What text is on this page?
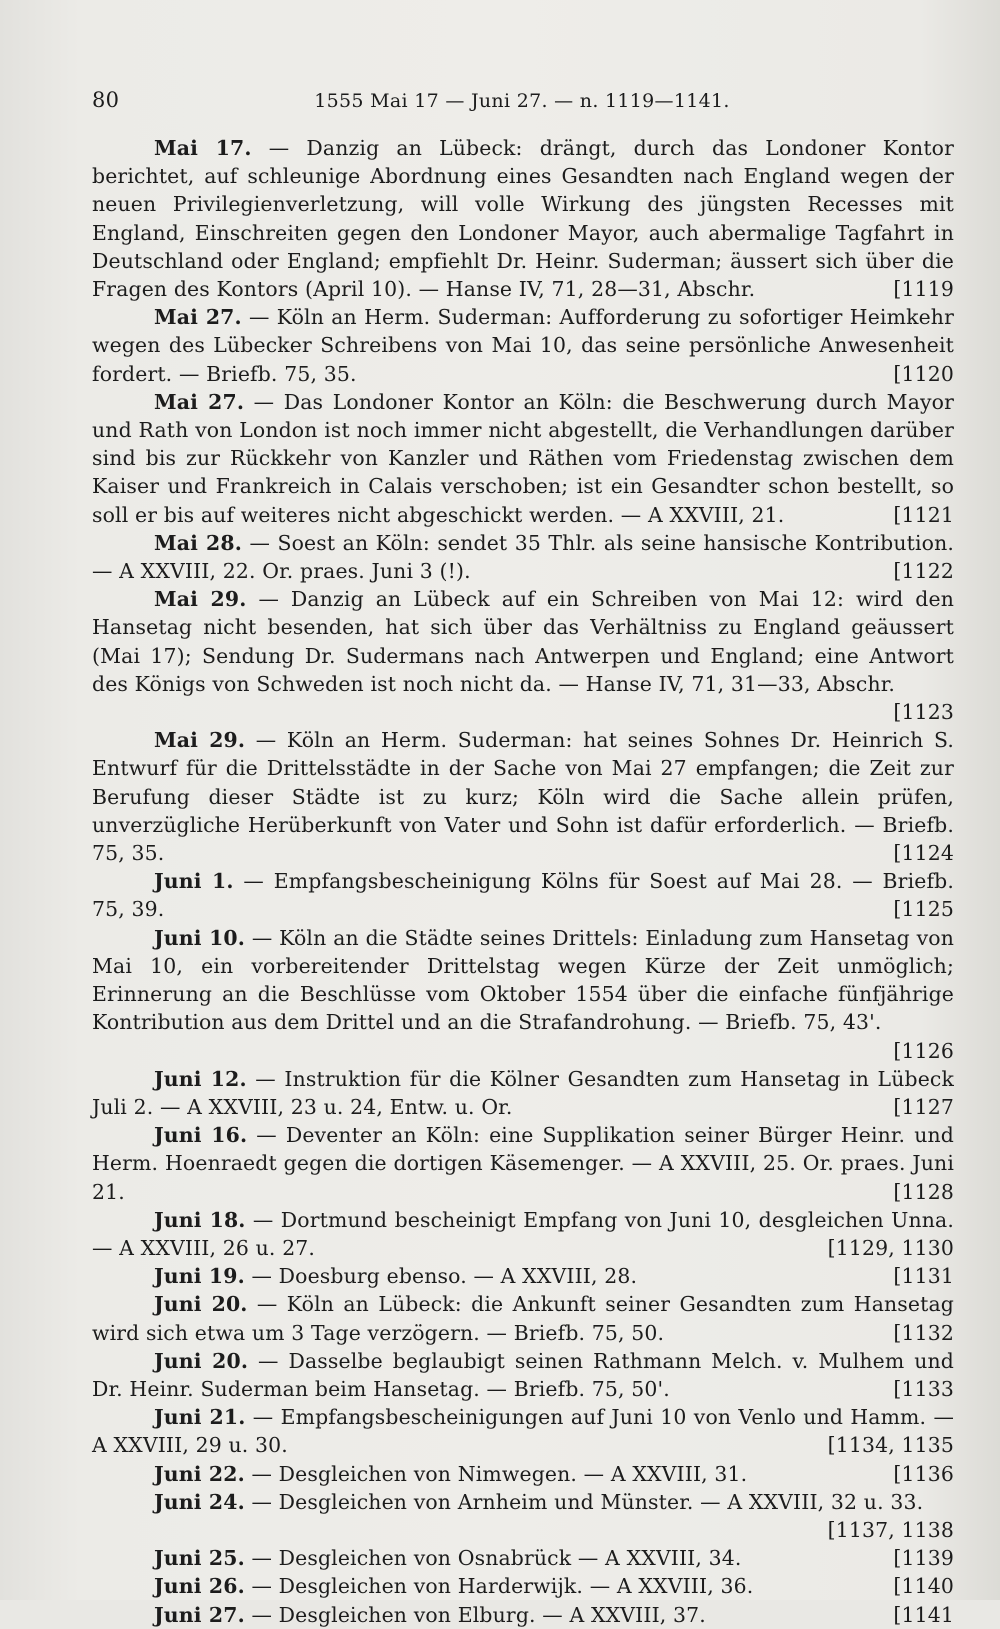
80	1555 Mai 17 — Juni 27. — n. 1119—1141.
Mai 17. — Danzig an Lübeck: drängt, durch das Londoner Kontor berichtet, auf schleunige Abordnung eines Gesandten nach England wegen der neuen Privilegienverletzung, will volle Wirkung des jüngsten Recesses mit England, Einschreiten gegen den Londoner Mayor, auch abermalige Tagfahrt in Deutschland oder England; empfiehlt Dr. Heinr. Suderman; äussert sich über die Fragen des Kontors (April 10). — Hanse IV, 71, 28—31, Abschr.	[1119
Mai 27. — Köln an Herm. Suderman: Aufforderung zu sofortiger Heimkehr wegen des Lübecker Schreibens von Mai 10, das seine persönliche Anwesenheit fordert. — Briefb. 75, 35.	[1120
Mai 27. — Das Londoner Kontor an Köln: die Beschwerung durch Mayor und Rath von London ist noch immer nicht abgestellt, die Verhandlungen darüber sind bis zur Rückkehr von Kanzler und Räthen vom Friedenstag zwischen dem Kaiser und Frankreich in Calais verschoben; ist ein Gesandter schon bestellt, so soll er bis auf weiteres nicht abgeschickt werden. — A XXVIII, 21.	[1121
Mai 28. — Soest an Köln: sendet 35 Thlr. als seine hansische Kontribution. — A XXVIII, 22. Or. praes. Juni 3 (!).	[1122
Mai 29. — Danzig an Lübeck auf ein Schreiben von Mai 12: wird den Hansetag nicht besenden, hat sich über das Verhältniss zu England geäussert (Mai 17); Sendung Dr. Sudermans nach Antwerpen und England; eine Antwort des Königs von Schweden ist noch nicht da. — Hanse IV, 71, 31—33, Abschr.
[1123
Mai 29. — Köln an Herm. Suderman: hat seines Sohnes Dr. Heinrich S. Entwurf für die Drittelsstädte in der Sache von Mai 27 empfangen; die Zeit zur Berufung dieser Städte ist zu kurz; Köln wird die Sache allein prüfen, unverzügliche Herüberkunft von Vater und Sohn ist dafür erforderlich. — Briefb. 75, 35.	[1124
Juni 1. — Empfangsbescheinigung Kölns für Soest auf Mai 28. — Briefb. 75, 39.	[1125
Juni 10. — Köln an die Städte seines Drittels: Einladung zum Hansetag von Mai 10, ein vorbereitender Drittelstag wegen Kürze der Zeit unmöglich; Erinnerung an die Beschlüsse vom Oktober 1554 über die einfache fünfjährige Kontribution aus dem Drittel und an die Strafandrohung. — Briefb. 75, 43'.
[1126
Juni 12. — Instruktion für die Kölner Gesandten zum Hansetag in Lübeck Juli 2. — A XXVIII, 23 u. 24, Entw. u. Or.	[1127
Juni 16. — Deventer an Köln: eine Supplikation seiner Bürger Heinr. und Herm. Hoenraedt gegen die dortigen Käsemenger. — A XXVIII, 25. Or. praes. Juni 21.	[1128
Juni 18. — Dortmund bescheinigt Empfang von Juni 10, desgleichen Unna. — A XXVIII, 26 u. 27.	[1129, 1130
Juni 19. — Doesburg ebenso. — A XXVIII, 28.	[1131
Juni 20. — Köln an Lübeck: die Ankunft seiner Gesandten zum Hansetag wird sich etwa um 3 Tage verzögern. — Briefb. 75, 50.	[1132
Juni 20. — Dasselbe beglaubigt seinen Rathmann Melch. v. Mulhem und Dr. Heinr. Suderman beim Hansetag. — Briefb. 75, 50'.	[1133
Juni 21. — Empfangsbescheinigungen auf Juni 10 von Venlo und Hamm. — A XXVIII, 29 u. 30.	[1134, 1135
Juni 22. — Desgleichen von Nimwegen. — A XXVIII, 31.	[1136
Juni 24. — Desgleichen von Arnheim und Münster. — A XXVIII, 32 u. 33.
[1137, 1138
Juni 25. — Desgleichen von Osnabrück — A XXVIII, 34.	[1139
Juni 26. — Desgleichen von Harderwijk. — A XXVIII, 36.	[1140
Juni 27. — Desgleichen von Elburg. — A XXVIII, 37.	[1141
